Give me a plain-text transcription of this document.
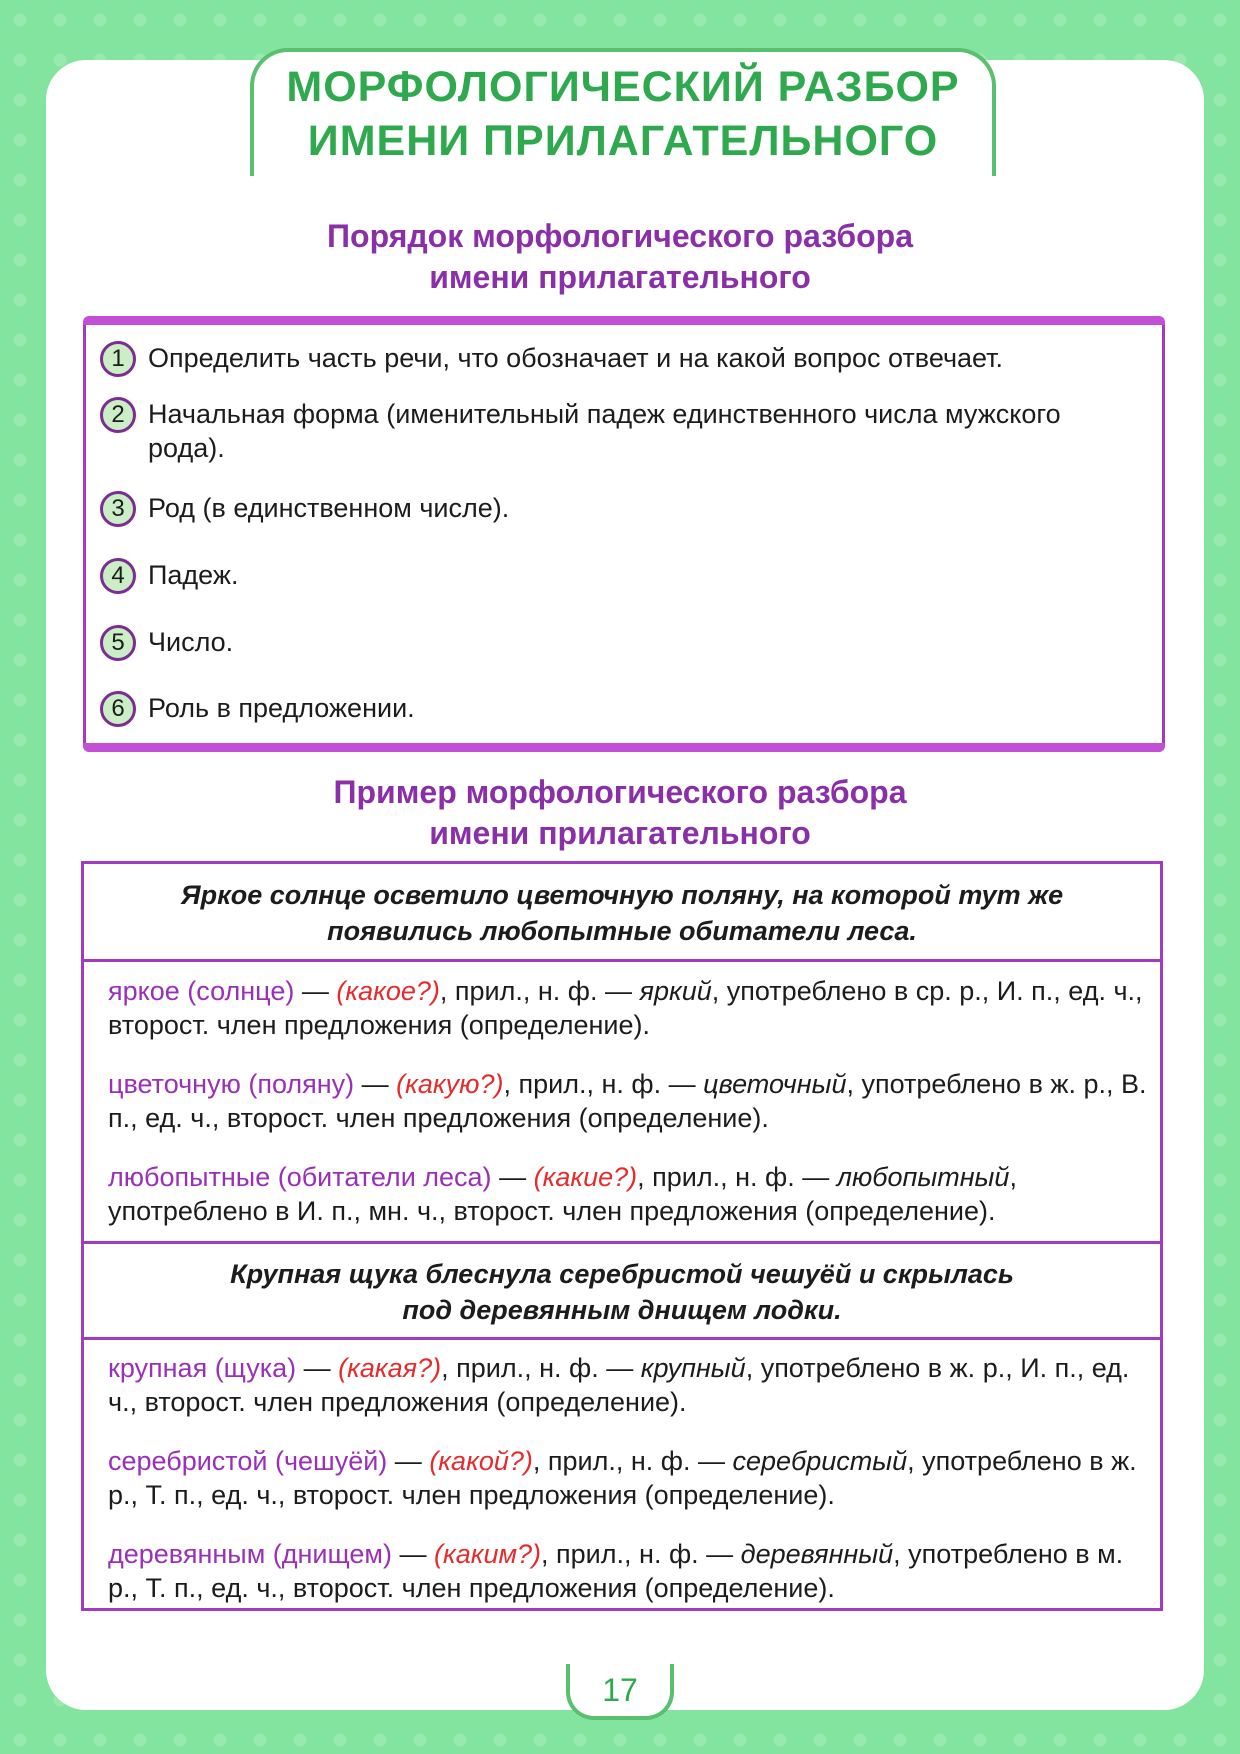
МОРФОЛОГИЧЕСКИЙ РАЗБОР
ИМЕНИ ПРИЛАГАТЕЛЬНОГО
Порядок морфологического разбора
имени прилагательного
1 Определить часть речи, что обозначает и на какой вопрос отвечает.
2 Начальная форма (именительный падеж единственного числа мужского рода).
3 Род (в единственном числе).
4 Падеж.
5 Число.
6 Роль в предложении.
Пример морфологического разбора
имени прилагательного
Яркое солнце осветило цветочную поляну, на которой тут же
появились любопытные обитатели леса.
яркое (солнце) — (какое?), прил., н. ф. — яркий, употреблено в ср. р., И. п., ед. ч., второст. член предложения (определение).
цветочную (поляну) — (какую?), прил., н. ф. — цветочный, употреблено в ж. р., В. п., ед. ч., второст. член предложения (определение).
любопытные (обитатели леса) — (какие?), прил., н. ф. — любопытный, употреблено в И. п., мн. ч., второст. член предложения (определение).
Крупная щука блеснула серебристой чешуёй и скрылась
под деревянным днищем лодки.
крупная (щука) — (какая?), прил., н. ф. — крупный, употреблено в ж. р., И. п., ед. ч., второст. член предложения (определение).
серебристой (чешуёй) — (какой?), прил., н. ф. — серебристый, употреблено в ж. р., Т. п., ед. ч., второст. член предложения (определение).
деревянным (днищем) — (каким?), прил., н. ф. — деревянный, употреблено в м. р., Т. п., ед. ч., второст. член предложения (определение).
17
